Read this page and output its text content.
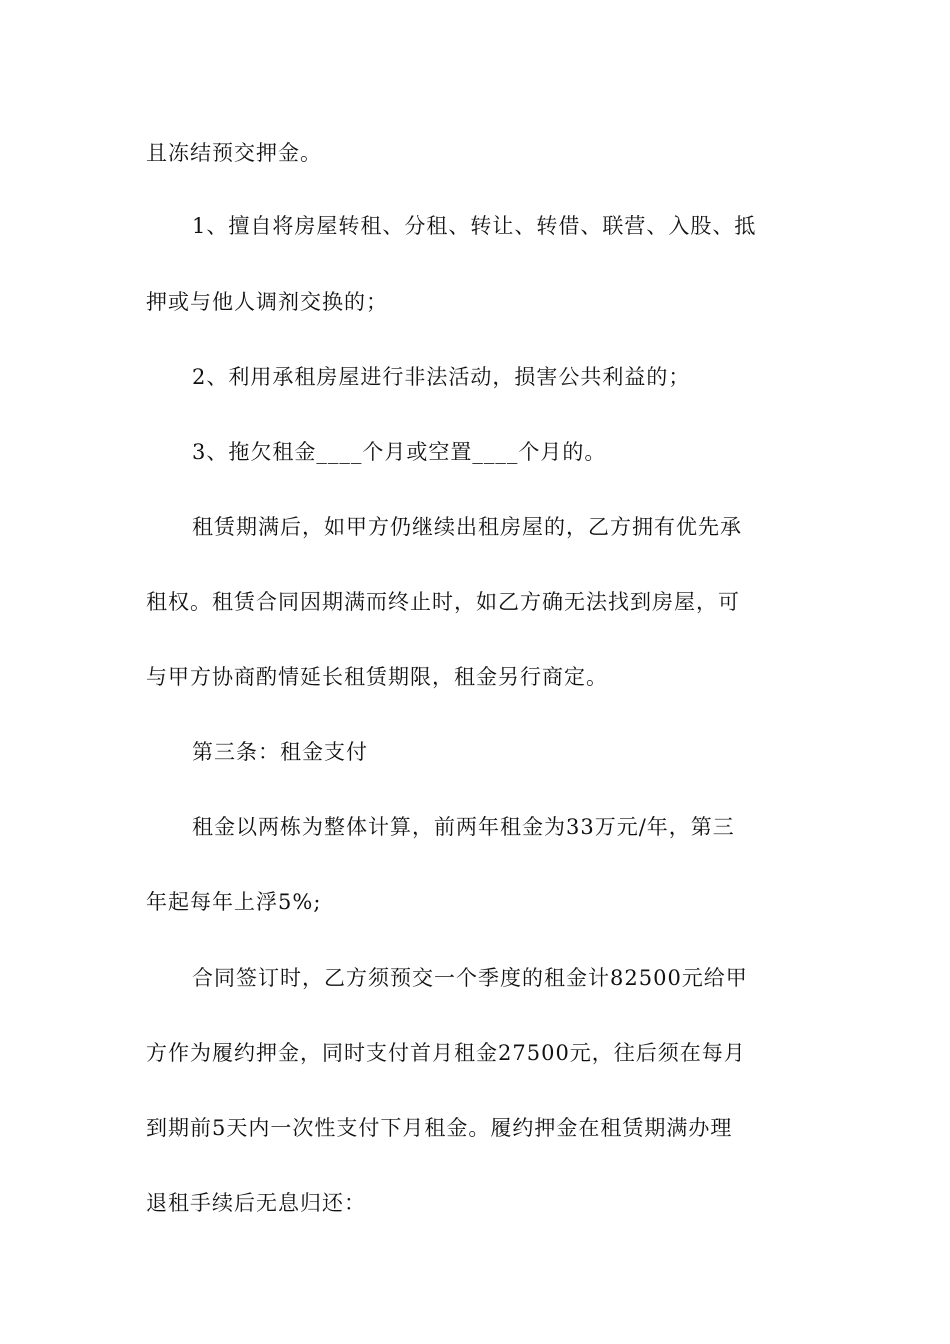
且冻结预交押金。
1、擅自将房屋转租、分租、转让、转借、联营、入股、抵
押或与他人调剂交换的；
2、利用承租房屋进行非法活动，损害公共利益的；
3、拖欠租金____个月或空置____个月的。
租赁期满后，如甲方仍继续出租房屋的，乙方拥有优先承
租权。租赁合同因期满而终止时，如乙方确无法找到房屋，可
与甲方协商酌情延长租赁期限，租金另行商定。
第三条：租金支付
租金以两栋为整体计算，前两年租金为33万元/年，第三
年起每年上浮5%;
合同签订时，乙方须预交一个季度的租金计82500元给甲
方作为履约押金，同时支付首月租金27500元，往后须在每月
到期前5天内一次性支付下月租金。履约押金在租赁期满办理
退租手续后无息归还：
